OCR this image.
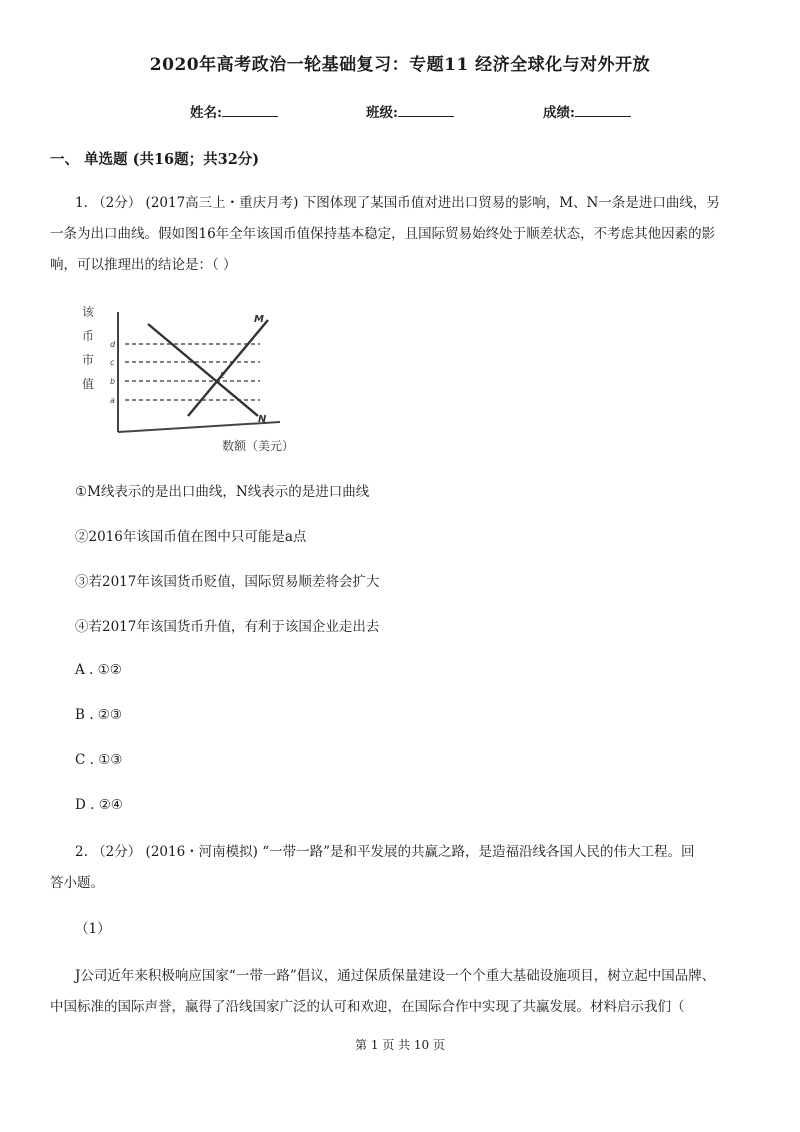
2020年高考政治一轮基础复习：专题11 经济全球化与对外开放
姓名:	班级:	成绩:
一、 单选题 (共16题；共32分)
1. （2分） (2017高三上・重庆月考) 下图体现了某国币值对进出口贸易的影响，M、N一条是进口曲线，另
一条为出口曲线。假如图16年全年该国币值保持基本稳定，且国际贸易始终处于顺差状态，不考虑其他因素的影
响，可以推理出的结论是：（ ）
该
币
市
值
d
c
b
a
M
N
E
数额（美元）
①M线表示的是出口曲线，N线表示的是进口曲线
②2016年该国币值在图中只可能是a点
③若2017年该国货币贬值，国际贸易顺差将会扩大
④若2017年该国货币升值，有利于该国企业走出去
A . ①②
B . ②③
C . ①③
D . ②④
2. （2分） (2016・河南模拟) “一带一路”是和平发展的共赢之路，是造福沿线各国人民的伟大工程。回
答小题。
（1）
J公司近年来积极响应国家“一带一路”倡议，通过保质保量建设一个个重大基础设施项目，树立起中国品牌、
中国标准的国际声誉，赢得了沿线国家广泛的认可和欢迎，在国际合作中实现了共赢发展。材料启示我们（
第 1 页 共 10 页
